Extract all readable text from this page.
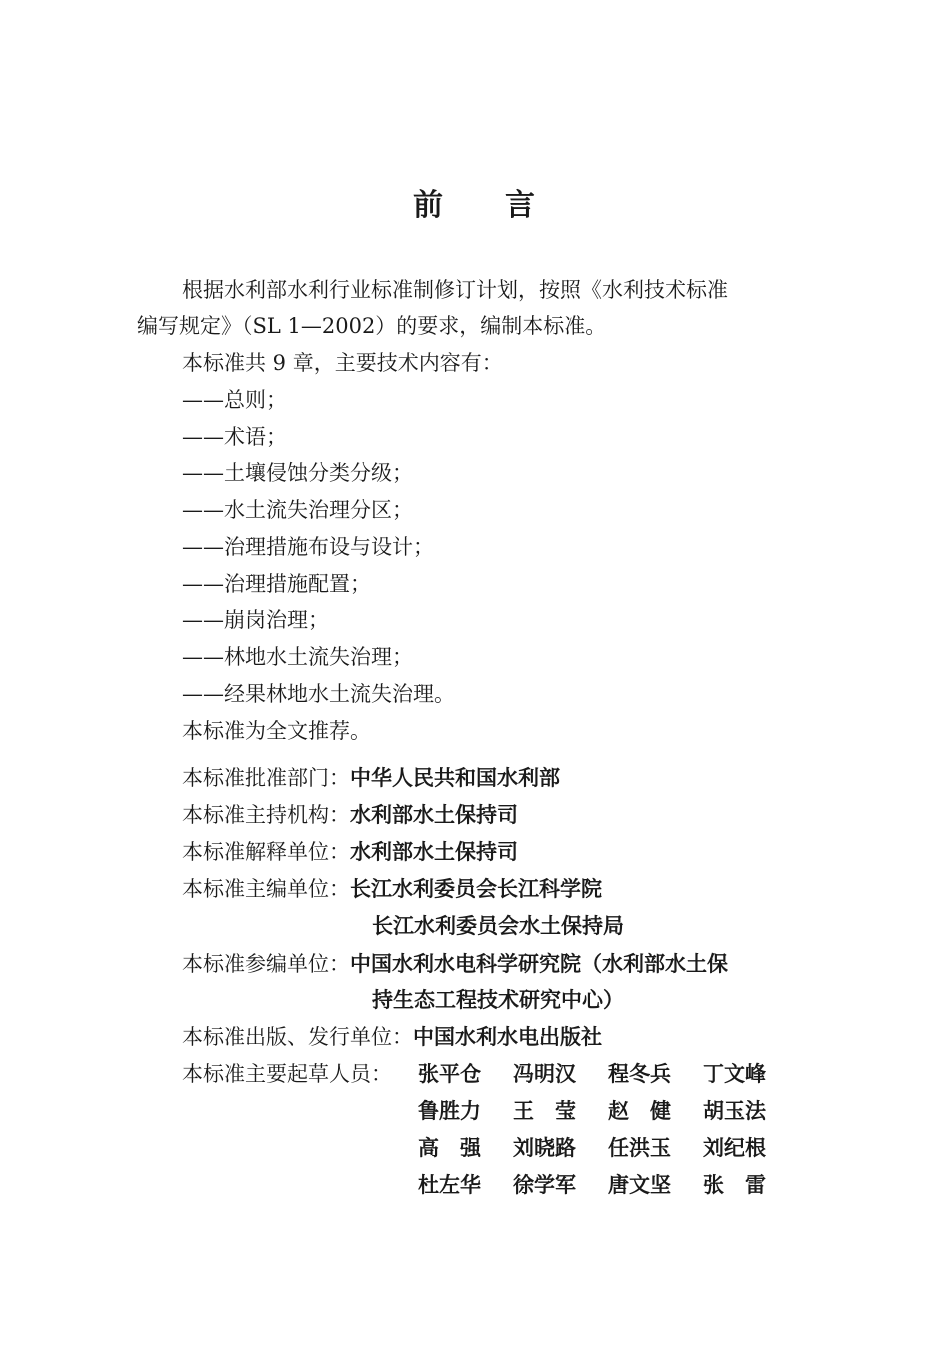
前 言
根据水利部水利行业标准制修订计划，按照《水利技术标准
编写规定》（SL 1—2002）的要求，编制本标准。
本标准共 9 章，主要技术内容有：
——总则；
——术语；
——土壤侵蚀分类分级；
——水土流失治理分区；
——治理措施布设与设计；
——治理措施配置；
——崩岗治理；
——林地水土流失治理；
——经果林地水土流失治理。
本标准为全文推荐。
本标准批准部门：中华人民共和国水利部
本标准主持机构：水利部水土保持司
本标准解释单位：水利部水土保持司
本标准主编单位：长江水利委员会长江科学院
长江水利委员会水土保持局
本标准参编单位：中国水利水电科学研究院（水利部水土保
持生态工程技术研究中心）
本标准出版、发行单位：中国水利水电出版社
本标准主要起草人员： 张平仓 冯明汉 程冬兵 丁文峰
鲁胜力 王　莹 赵　健 胡玉法
高　强 刘晓路 任洪玉 刘纪根
杜左华 徐学军 唐文坚 张　雷
